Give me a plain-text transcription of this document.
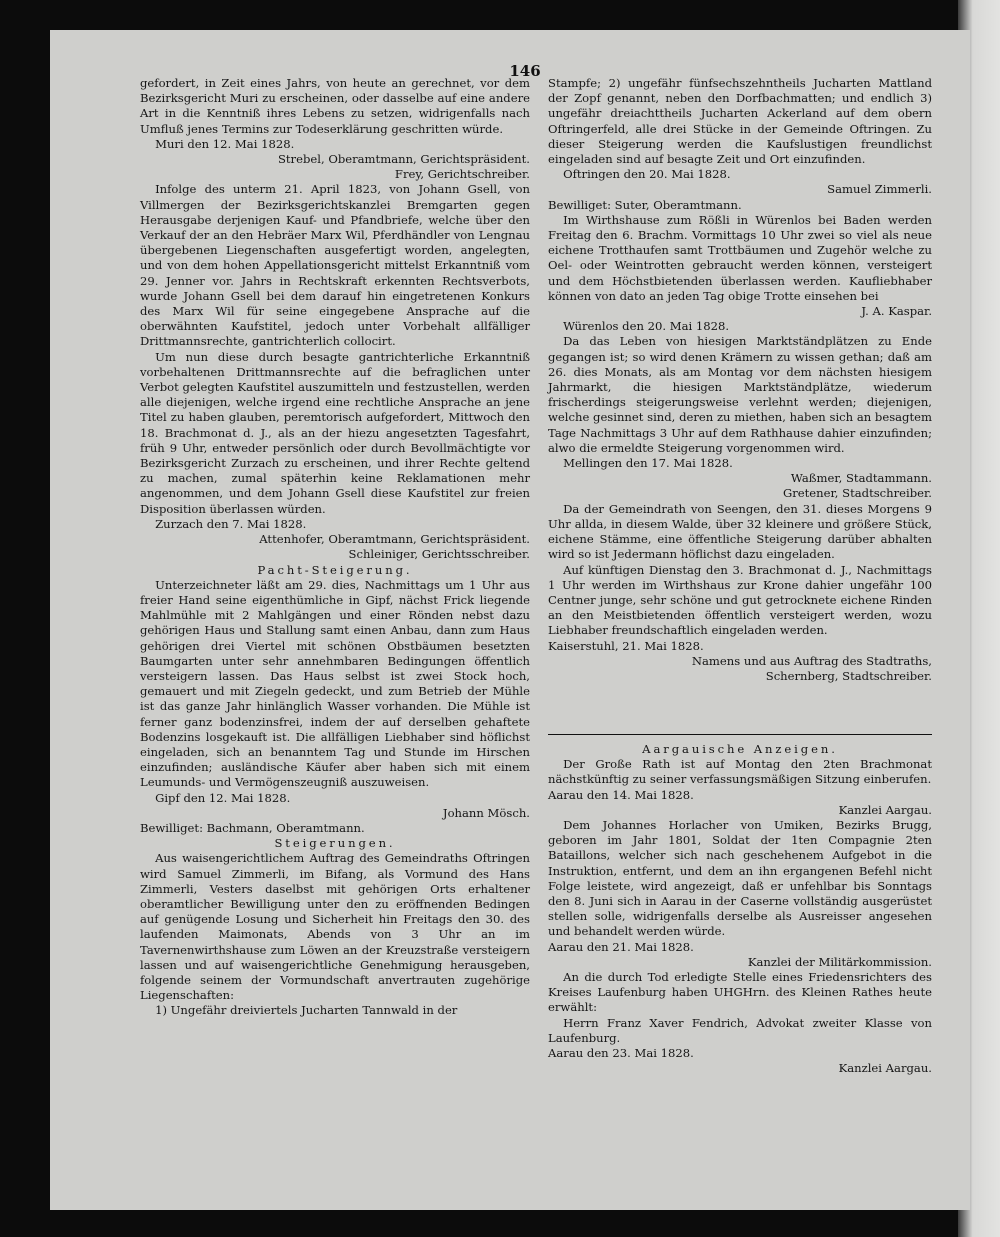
146

gefordert, in Zeit eines Jahrs, von heute an gerechnet, vor dem Bezirksgericht Muri zu erscheinen, oder dasselbe auf eine andere Art in die Kenntniß ihres Lebens zu setzen, widrigenfalls nach Umfluß jenes Termins zur Todeserklärung geschritten würde.

Muri den 12. Mai 1828.

Strebel, Oberamtmann, Gerichtspräsident.

Frey, Gerichtschreiber.

Infolge des unterm 21. April 1823, von Johann Gsell, von Villmergen der Bezirksgerichtskanzlei Bremgarten gegen Herausgabe derjenigen Kauf- und Pfandbriefe, welche über den Verkauf der an den Hebräer Marx Wil, Pferdhändler von Lengnau übergebenen Liegenschaften ausgefertigt worden, angelegten, und von dem hohen Appellationsgericht mittelst Erkanntniß vom 29. Jenner vor. Jahrs in Rechtskraft erkennten Rechtsverbots, wurde Johann Gsell bei dem darauf hin eingetretenen Konkurs des Marx Wil für seine eingegebene Ansprache auf die oberwähnten Kaufstitel, jedoch unter Vorbehalt allfälliger Drittmannsrechte, gantrichterlich collocirt.

Um nun diese durch besagte gantrichterliche Erkanntniß vorbehaltenen Drittmannsrechte auf die befraglichen unter Verbot gelegten Kaufstitel auszumitteln und festzustellen, werden alle diejenigen, welche irgend eine rechtliche Ansprache an jene Titel zu haben glauben, peremtorisch aufgefordert, Mittwoch den 18. Brachmonat d. J., als an der hiezu angesetzten Tagesfahrt, früh 9 Uhr, entweder persönlich oder durch Bevollmächtigte vor Bezirksgericht Zurzach zu erscheinen, und ihrer Rechte geltend zu machen, zumal späterhin keine Reklamationen mehr angenommen, und dem Johann Gsell diese Kaufstitel zur freien Disposition überlassen würden.

Zurzach den 7. Mai 1828.

Attenhofer, Oberamtmann, Gerichtspräsident.

Schleiniger, Gerichtsschreiber.

Pacht-Steigerung.

Unterzeichneter läßt am 29. dies, Nachmittags um 1 Uhr aus freier Hand seine eigenthümliche in Gipf, nächst Frick liegende Mahlmühle mit 2 Mahlgängen und einer Rönden nebst dazu gehörigen Haus und Stallung samt einen Anbau, dann zum Haus gehörigen drei Viertel mit schönen Obstbäumen besetzten Baumgarten unter sehr annehmbaren Bedingungen öffentlich versteigern lassen. Das Haus selbst ist zwei Stock hoch, gemauert und mit Ziegeln gedeckt, und zum Betrieb der Mühle ist das ganze Jahr hinlänglich Wasser vorhanden. Die Mühle ist ferner ganz bodenzinsfrei, indem der auf derselben gehaftete Bodenzins losgekauft ist. Die allfälligen Liebhaber sind höflichst eingeladen, sich an benanntem Tag und Stunde im Hirschen einzufinden; ausländische Käufer aber haben sich mit einem Leumunds- und Vermögenszeugniß auszuweisen.

Gipf den 12. Mai 1828.

Johann Mösch.

Bewilliget: Bachmann, Oberamtmann.

Steigerungen.

Aus waisengerichtlichem Auftrag des Gemeindraths Oftringen wird Samuel Zimmerli, im Bifang, als Vormund des Hans Zimmerli, Vesters daselbst mit gehörigen Orts erhaltener oberamtlicher Bewilligung unter den zu eröffnenden Bedingen auf genügende Losung und Sicherheit hin Freitags den 30. des laufenden Maimonats, Abends von 3 Uhr an im Tavernenwirthshause zum Löwen an der Kreuzstraße versteigern lassen und auf waisengerichtliche Genehmigung herausgeben, folgende seinem der Vormundschaft anvertrauten zugehörige Liegenschaften:

1) Ungefähr dreiviertels Jucharten Tannwald in der

Stampfe; 2) ungefähr fünfsechszehntheils Jucharten Mattland der Zopf genannt, neben den Dorfbachmatten; und endlich 3) ungefähr dreiachttheils Jucharten Ackerland auf dem obern Oftringerfeld, alle drei Stücke in der Gemeinde Oftringen. Zu dieser Steigerung werden die Kaufslustigen freundlichst eingeladen sind auf besagte Zeit und Ort einzufinden.

Oftringen den 20. Mai 1828.

Samuel Zimmerli.

Bewilliget: Suter, Oberamtmann.

Im Wirthshause zum Rößli in Würenlos bei Baden werden Freitag den 6. Brachm. Vormittags 10 Uhr zwei so viel als neue eichene Trotthaufen samt Trottbäumen und Zugehör welche zu Oel- oder Weintrotten gebraucht werden können, versteigert und dem Höchstbietenden überlassen werden. Kaufliebhaber können von dato an jeden Tag obige Trotte einsehen bei

J. A. Kaspar.

Würenlos den 20. Mai 1828.

Da das Leben von hiesigen Marktständplätzen zu Ende gegangen ist; so wird denen Krämern zu wissen gethan; daß am 26. dies Monats, als am Montag vor dem nächsten hiesigem Jahrmarkt, die hiesigen Marktständplätze, wiederum frischerdings steigerungsweise verlehnt werden; diejenigen, welche gesinnet sind, deren zu miethen, haben sich an besagtem Tage Nachmittags 3 Uhr auf dem Rathhause dahier einzufinden; alwo die ermeldte Steigerung vorgenommen wird.

Mellingen den 17. Mai 1828.

Waßmer, Stadtammann.

Gretener, Stadtschreiber.

Da der Gemeindrath von Seengen, den 31. dieses Morgens 9 Uhr allda, in diesem Walde, über 32 kleinere und größere Stück, eichene Stämme, eine öffentliche Steigerung darüber abhalten wird so ist Jedermann höflichst dazu eingeladen.

Auf künftigen Dienstag den 3. Brachmonat d. J., Nachmittags 1 Uhr werden im Wirthshaus zur Krone dahier ungefähr 100 Centner junge, sehr schöne und gut getrocknete eichene Rinden an den Meistbietenden öffentlich versteigert werden, wozu Liebhaber freundschaftlich eingeladen werden.

Kaiserstuhl, 21. Mai 1828.

Namens und aus Auftrag des Stadtraths,

Schernberg, Stadtschreiber.

Aargauische Anzeigen.

Der Große Rath ist auf Montag den 2ten Brachmonat nächstkünftig zu seiner verfassungsmäßigen Sitzung einberufen.

Aarau den 14. Mai 1828.

Kanzlei Aargau.

Dem Johannes Horlacher von Umiken, Bezirks Brugg, geboren im Jahr 1801, Soldat der 1ten Compagnie 2ten Bataillons, welcher sich nach geschehenem Aufgebot in die Instruktion, entfernt, und dem an ihn ergangenen Befehl nicht Folge leistete, wird angezeigt, daß er unfehlbar bis Sonntags den 8. Juni sich in Aarau in der Caserne vollständig ausgerüstet stellen solle, widrigenfalls derselbe als Ausreisser angesehen und behandelt werden würde.

Aarau den 21. Mai 1828.

Kanzlei der Militärkommission.

An die durch Tod erledigte Stelle eines Friedensrichters des Kreises Laufenburg haben UHGHrn. des Kleinen Rathes heute erwählt:

Herrn Franz Xaver Fendrich, Advokat zweiter Klasse von Laufenburg.

Aarau den 23. Mai 1828.

Kanzlei Aargau.
